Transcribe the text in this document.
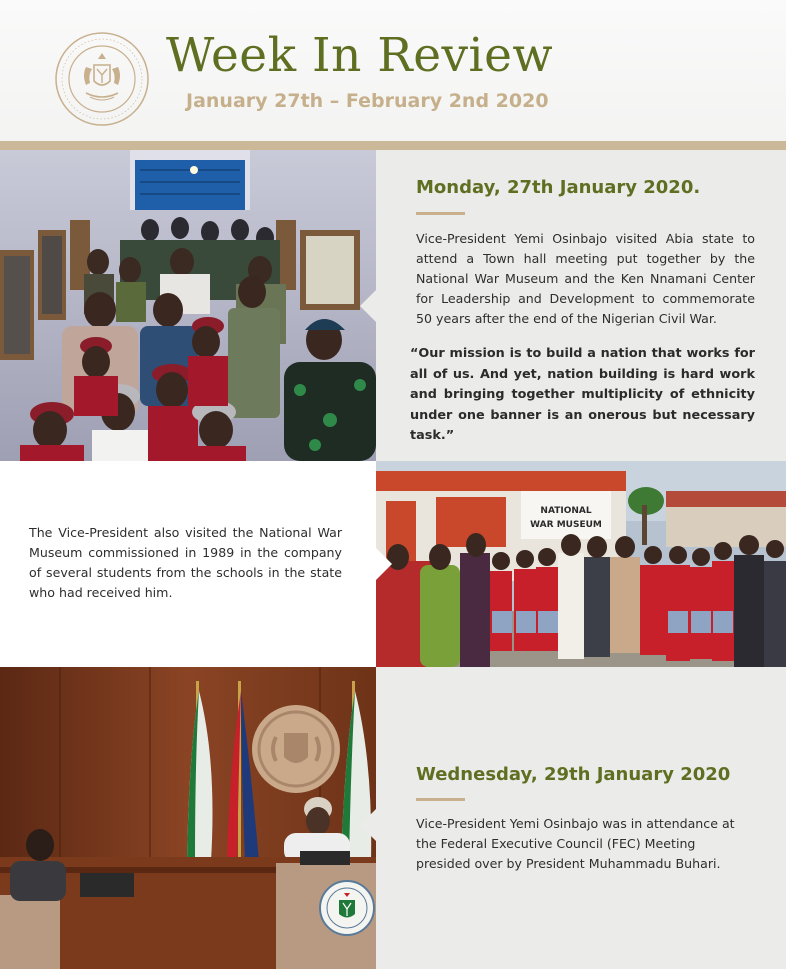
Week In Review
January 27th – February 2nd 2020
Monday, 27th January 2020.
Vice-President Yemi Osinbajo visited Abia state to attend a Town hall meeting put together by the National War Museum and the Ken Nnamani Center for Leadership and Development to commemorate 50 years after the end of the Nigerian Civil War.
“Our mission is to build a nation that works for all of us. And yet, nation building is hard work and bringing together multiplicity of ethnicity under one banner is an onerous but necessary task.”
The Vice-President also visited the National War Museum commissioned in 1989 in the company of several students from the schools in the state who had received him.
NATIONAL
WAR MUSEUM
Wednesday, 29th January 2020
Vice-President Yemi Osinbajo was in attendance at the Federal Executive Council (FEC) Meeting presided over by President Muhammadu Buhari.
